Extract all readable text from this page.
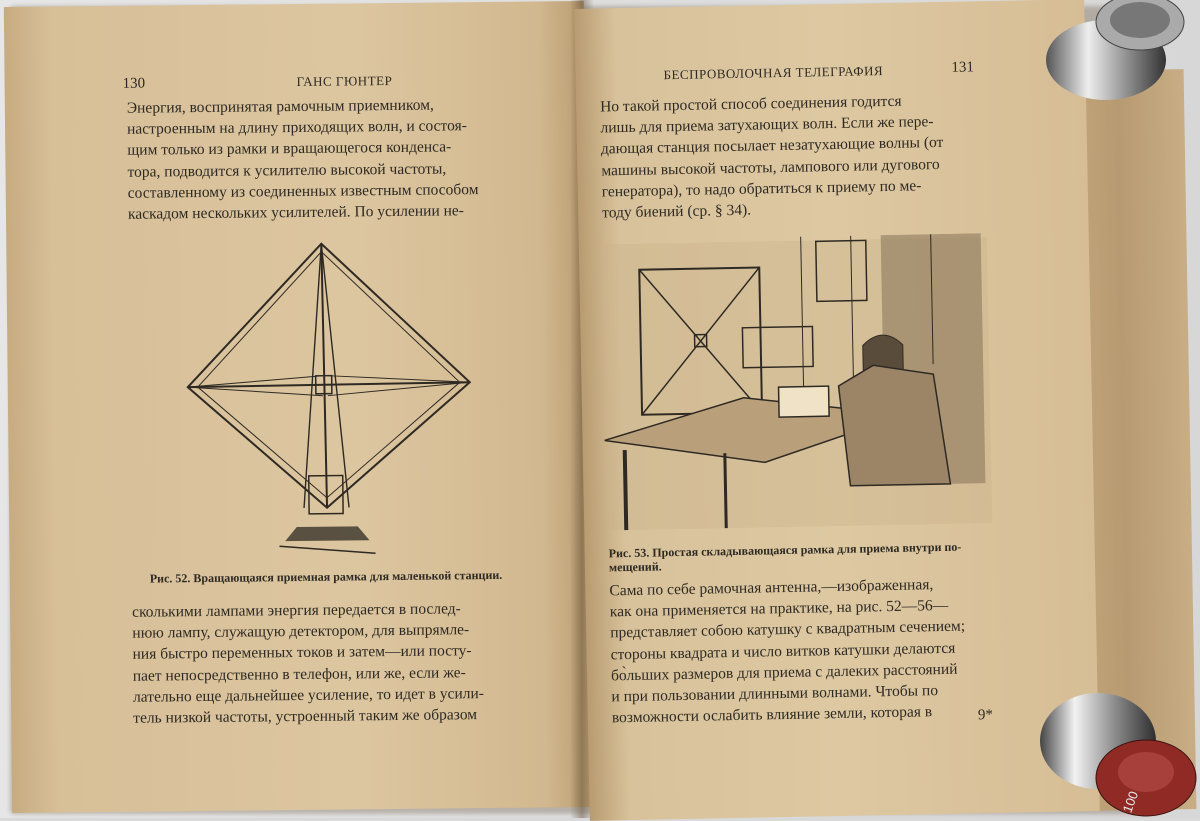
130	ГАНС ГЮНТЕР
Энергия, воспринятая рамочным приемником,
настроенным на длину приходящих волн, и состоя-
щим только из рамки и вращающегося конденса-
тора, подводится к усилителю высокой частоты,
составленному из соединенных известным способом
каскадом нескольких усилителей. По усилении не-
Рис. 52. Вращающаяся приемная рамка для маленькой станции.
сколькими лампами энергия передается в послед-
нюю лампу, служащую детектором, для выпрямле-
ния быстро переменных токов и затем—или посту-
пает непосредственно в телефон, или же, если же-
лательно еще дальнейшее усиление, то идет в усили-
тель низкой частоты, устроенный таким же образом
БЕСПРОВОЛОЧНАЯ ТЕЛЕГРАФИЯ	131
Но такой простой способ соединения годится
лишь для приема затухающих волн. Если же пере-
дающая станция посылает незатухающие волны (от
машины высокой частоты, лампового или дугового
генератора), то надо обратиться к приему по ме-
тоду биений (ср. § 34).
Рис. 53. Простая складывающаяся рамка для приема внутри по-
мещений.
Сама по себе рамочная антенна,—изображенная,
как она применяется на практике, на рис. 52—56—
представляет собою катушку с квадратным сечением;
стороны квадрата и число витков катушки делаются
бо̀льших размеров для приема с далеких расстояний
и при пользовании длинными волнами. Чтобы по
возможности ослабить влияние земли, которая в	9*
100
